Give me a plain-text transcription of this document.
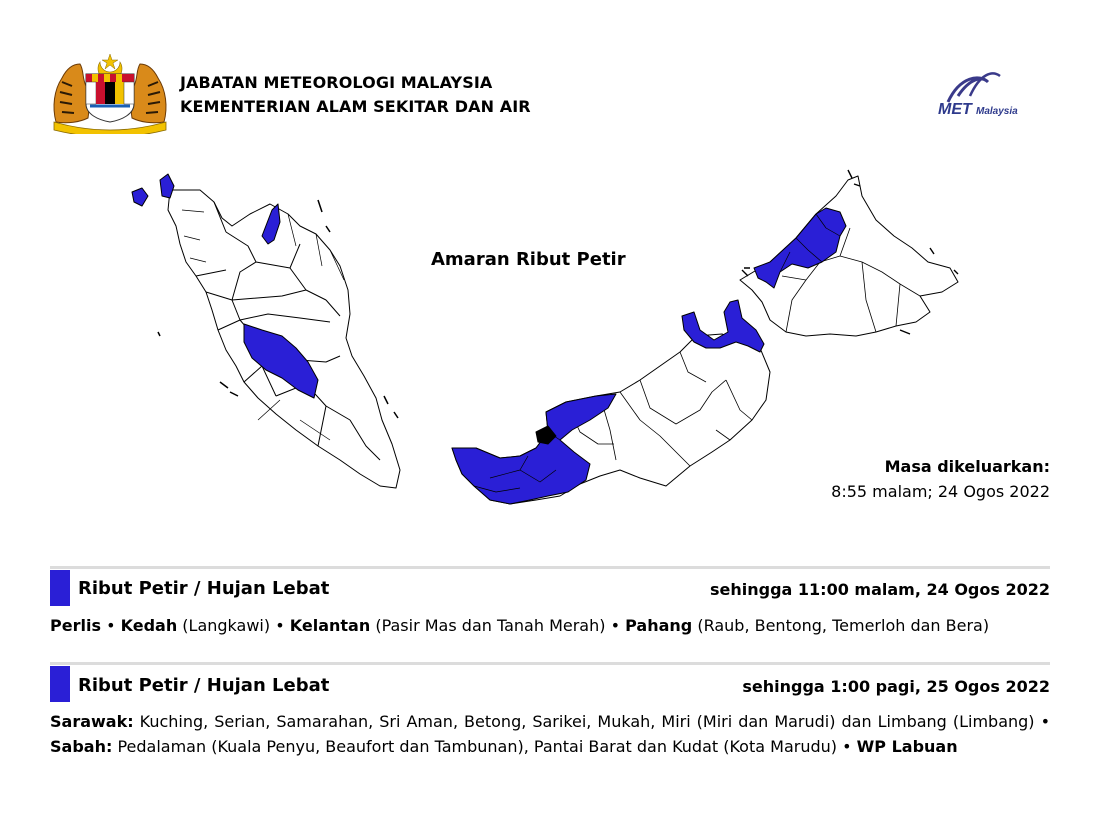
JABATAN METEOROLOGI MALAYSIA
KEMENTERIAN ALAM SEKITAR DAN AIR	MET Malaysia
Amaran Ribut Petir
Masa dikeluarkan:
8:55 malam; 24 Ogos 2022
Ribut Petir / Hujan Lebat	sehingga 11:00 malam, 24 Ogos 2022
Perlis • Kedah (Langkawi) • Kelantan (Pasir Mas dan Tanah Merah) • Pahang (Raub, Bentong, Temerloh dan Bera)
Ribut Petir / Hujan Lebat	sehingga 1:00 pagi, 25 Ogos 2022
Sarawak: Kuching, Serian, Samarahan, Sri Aman, Betong, Sarikei, Mukah, Miri (Miri dan Marudi) dan Limbang (Limbang) • Sabah: Pedalaman (Kuala Penyu, Beaufort dan Tambunan), Pantai Barat dan Kudat (Kota Marudu) • WP Labuan
